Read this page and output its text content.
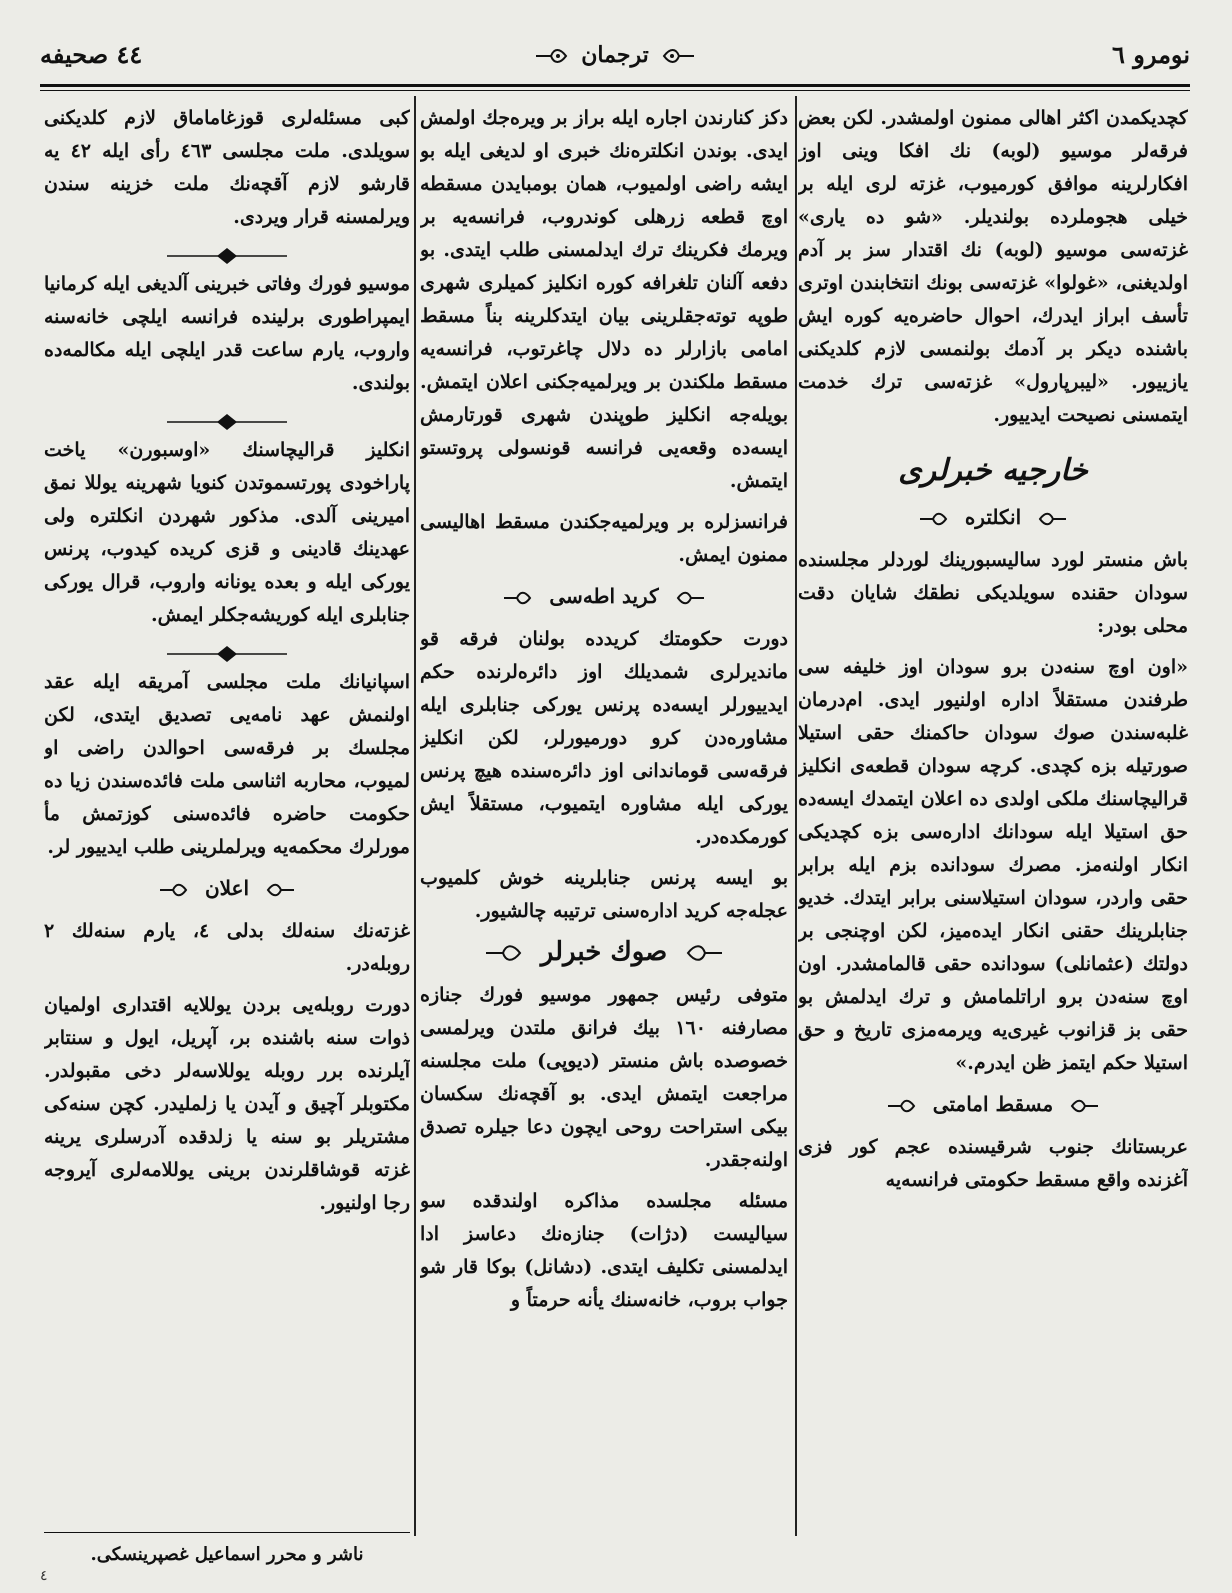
نومرو ٦
ترجمان
٤٤ صحيفه

كچديكمدن اكثر اهالى ممنون اولمشدر. لكن بعض فرقه‌لر موسيو (لوبه) نك افكا وينى اوز افكارلرينه موافق كورميوب، غزته لرى ايله بر خيلى هجوملرده بولنديلر. «شو ده يارى» غزته‌سى موسيو (لوبه) نك اقتدار سز بر آدم اولديغنى، «غولوا» غزته‌سى بونك انتخابندن اوترى تأسف ابراز ايدرك، احوال حاضره‌يه كوره ايش باشنده ديكر بر آدمك بولنمسى لازم كلديكنى يازييور. «ليبرپارول» غزته‌سى ترك خدمت ايتمسنى نصيحت ايدييور.

خارجيه خبرلرى
انكلتره

باش منستر لورد ساليسبورينك لوردلر مجلسنده سودان حقنده سويلديكى نطقك شايان دقت محلى بودر:

«اون اوچ سنه‌دن برو سودان اوز خليفه سى طرفندن مستقلاً اداره اولنيور ايدى. ام‌درمان غلبه‌سندن صوك سودان حاكمنك حقى استيلا صورتيله بزه كچدى. كرچه سودان قطعه‌ى انكليز قراليچاسنك ملكى اولدى ده اعلان ايتمدك ايسه‌ده حق استيلا ايله سودانك اداره‌سى بزه كچديكى انكار اولنه‌مز. مصرك سودانده بزم ايله برابر حقى واردر، سودان استيلاسنى برابر ايتدك. خديو جنابلرينك حقنى انكار ايده‌ميز، لكن اوچنجى بر دولتك (عثمانلى) سودانده حقى قالمامشدر. اون اوچ سنه‌دن برو اراتلمامش و ترك ايدلمش بو حقى بز قزانوب غيرى‌يه ويرمه‌مزى تاريخ و حق استيلا حكم ايتمز ظن ايدرم.»

مسقط امامتى

عربستانك جنوب شرقيسنده عجم كور فزى آغزنده واقع مسقط حكومتى فرانسه‌يه

دكز كنارندن اجاره ايله براز بر ويره‌جك اولمش ايدى. بوندن انكلتره‌نك خبرى او لديغى ايله بو ايشه راضى اولميوب، همان بومبايدن مسقطه اوچ قطعه زرهلى كوندروب، فرانسه‌يه بر ويرمك فكرينك ترك ايدلمسنى طلب ايتدى. بو دفعه آلنان تلغرافه كوره انكليز كميلرى شهرى طوپه توته‌جقلرينى بيان ايتدكلرينه بناً مسقط امامى بازارلر ده دلال چاغرتوب، فرانسه‌يه مسقط ملكندن بر ويرلميه‌جكنى اعلان ايتمش. بويله‌جه انكليز طوپندن شهرى قورتارمش ايسه‌ده وقعه‌يى فرانسه قونسولى پروتستو ايتمش.

فرانسزلره بر ويرلميه‌جكندن مسقط اهاليسى ممنون ايمش.

كريد اطه‌سى

دورت حكومتك كريدده بولنان فرقه قو مانديرلرى شمديلك اوز دائره‌لرنده حكم ايدييورلر ايسه‌ده پرنس يوركى جنابلرى ايله مشاوره‌دن كرو دورميورلر، لكن انكليز فرقه‌سى قوماندانى اوز دائره‌سنده هيچ پرنس يوركى ايله مشاوره ايتميوب، مستقلاً ايش كورمكده‌در.

بو ايسه پرنس جنابلرينه خوش كلميوب عجله‌جه كريد اداره‌سنى ترتيبه چالشيور.

صوك خبرلر

متوفى رئيس جمهور موسيو فورك جنازه مصارفنه ١٦٠ بيك فرانق ملتدن ويرلمسى خصوصده باش منستر (ديوپى) ملت مجلسنه مراجعت ايتمش ايدى. بو آقچه‌نك سكسان بيكى استراحت روحى ايچون دعا جيلره تصدق اولنه‌جقدر.

مسئله مجلسده مذاكره اولندقده سو سياليست (دژات) جنازه‌نك دعاسز ادا ايدلمسنى تكليف ايتدى. (دشانل) بوكا قار شو جواب بروب، خانه‌سنك يأنه حرمتاً و

كبى مسئله‌لرى قوزغاماماق لازم كلديكنى سويلدى. ملت مجلسى ٤٦٣ رأى ايله ٤٢ يه قارشو لازم آقچه‌نك ملت خزينه سندن ويرلمسنه قرار ويردى.

موسيو فورك وفاتى خبرينى آلديغى ايله كرمانيا ايمپراطورى برلينده فرانسه ايلچى خانه‌سنه واروب، يارم ساعت قدر ايلچى ايله مكالمه‌ده بولندى.

انكليز قراليچاسنك «اوسبورن» ياخت پاراخودى پورتسموتدن كنويا شهرينه يوللا نمق اميرينى آلدى. مذكور شهردن انكلتره ولى عهدينك قادينى و قزى كريده كيدوب، پرنس يوركى ايله و بعده يونانه واروب، قرال يوركى جنابلرى ايله كوريشه‌جكلر ايمش.

اسپانيانك ملت مجلسى آمريقه ايله عقد اولنمش عهد نامه‌يى تصديق ايتدى، لكن مجلسك بر فرقه‌سى احوالدن راضى او لميوب، محاربه اثناسى ملت فائده‌سندن زيا ده حكومت حاضره فائده‌سنى كوزتمش مأ مورلرك محكمه‌يه ويرلملرينى طلب ايدييور لر.

اعلان

غزته‌نك سنه‌لك بدلى ٤، يارم سنه‌لك ٢ روبله‌در.

دورت روبله‌يى بردن يوللايه اقتدارى اولميان ذوات سنه باشنده بر، آپريل، ايول و سنتابر آيلرنده برر روبله يوللاسه‌لر دخى مقبولدر. مكتوبلر آچيق و آيدن يا زلمليدر. كچن سنه‌كى مشتريلر بو سنه يا زلدقده آدرسلرى يرينه غزته قوشاقلرندن برينى يوللامه‌لرى آيروجه رجا اولنيور.

ناشر و محرر اسماعيل غصپرينسكى.
٤
